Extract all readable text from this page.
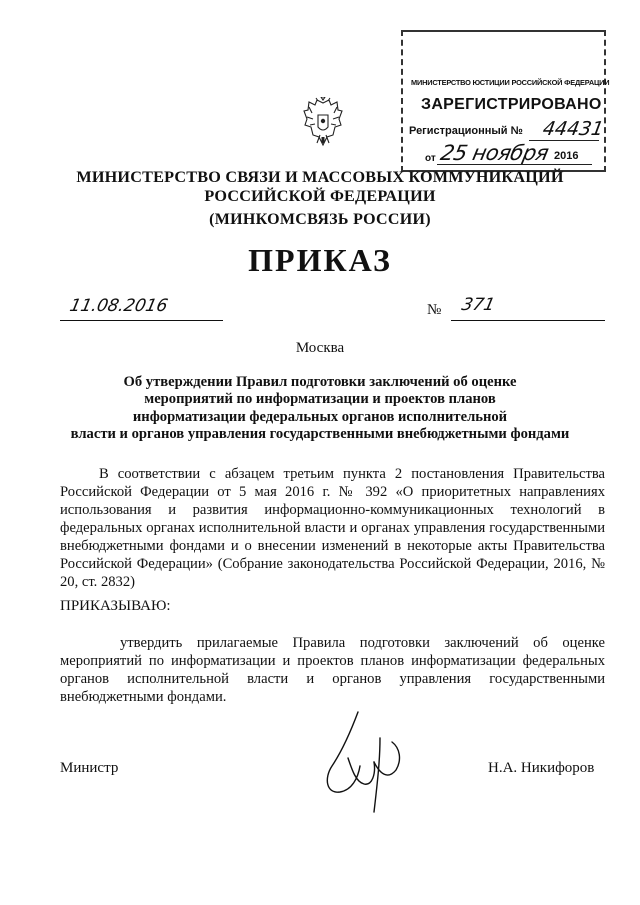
МИНИСТЕРСТВО ЮСТИЦИИ РОССИЙСКОЙ ФЕДЕРАЦИИ
ЗАРЕГИСТРИРОВАНО
Регистрационный № 44431
от 25 ноября 2016
МИНИСТЕРСТВО СВЯЗИ И МАССОВЫХ КОММУНИКАЦИЙ
РОССИЙСКОЙ ФЕДЕРАЦИИ
(МИНКОМСВЯЗЬ РОССИИ)
ПРИКАЗ
11.08.2016	№ 371
Москва
Об утверждении Правил подготовки заключений об оценке
мероприятий по информатизации и проектов планов
информатизации федеральных органов исполнительной
власти и органов управления государственными внебюджетными фондами
В соответствии с абзацем третьим пункта 2 постановления Правительства Российской Федерации от 5 мая 2016 г. № 392 «О приоритетных направлениях использования и развития информационно-коммуникационных технологий в федеральных органах исполнительной власти и органах управления государственными внебюджетными фондами и о внесении изменений в некоторые акты Правительства Российской Федерации» (Собрание законодательства Российской Федерации, 2016, № 20, ст. 2832)
ПРИКАЗЫВАЮ:
утвердить прилагаемые Правила подготовки заключений об оценке мероприятий по информатизации и проектов планов информатизации федеральных органов исполнительной власти и органов управления государственными внебюджетными фондами.
Министр	Н.А. Никифоров
